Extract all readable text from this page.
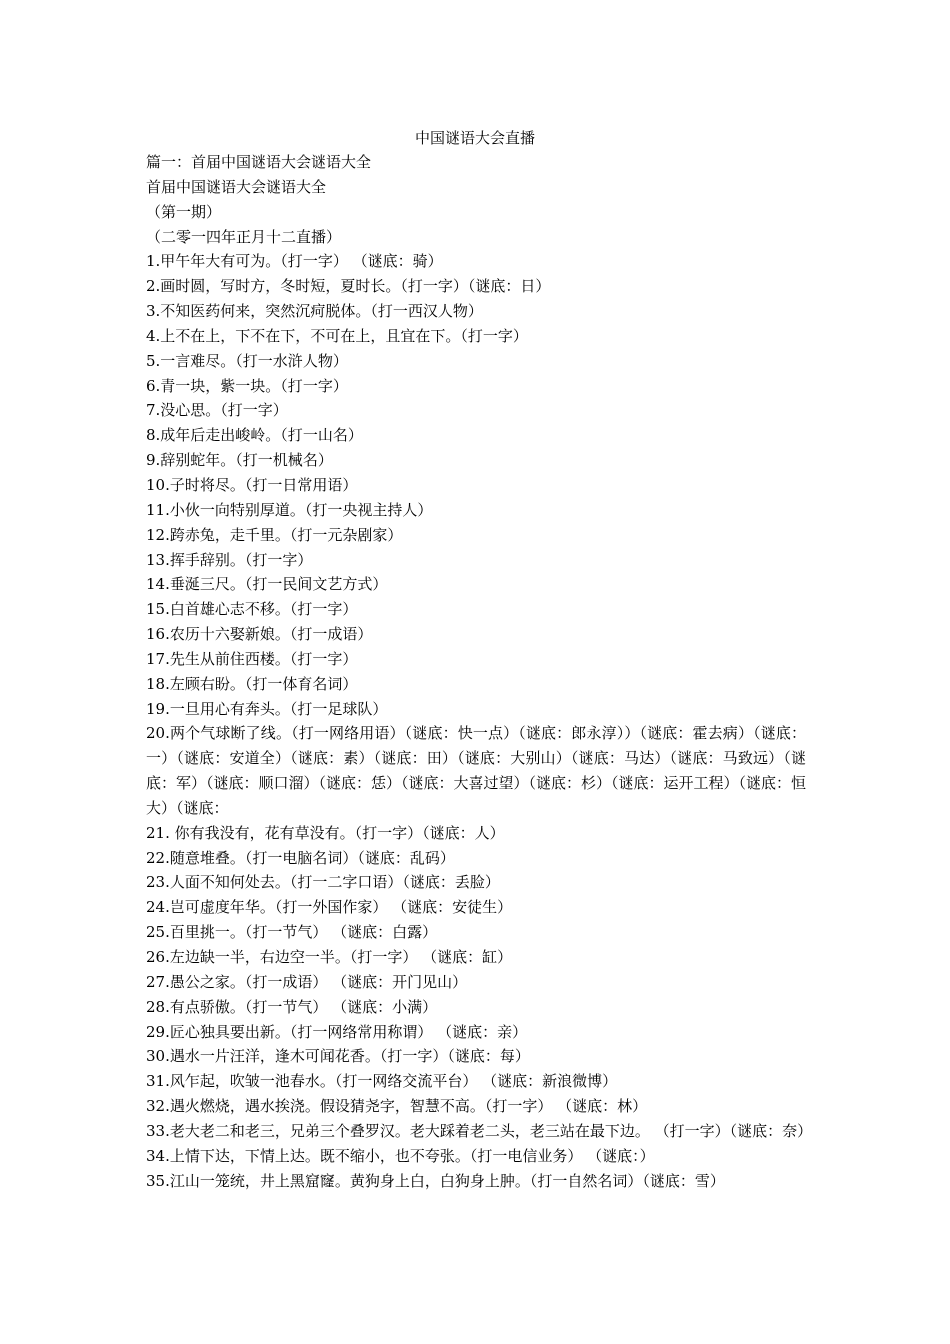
中国谜语大会直播
篇一：首届中国谜语大会谜语大全
首届中国谜语大会谜语大全
（第一期）
（二零一四年正月十二直播）
1.甲午年大有可为。（打一字） （谜底：骑）
2.画时圆，写时方，冬时短，夏时长。（打一字）（谜底：日）
3.不知医药何来，突然沉疴脱体。（打一西汉人物）
4.上不在上，下不在下，不可在上，且宜在下。（打一字）
5.一言难尽。（打一水浒人物）
6.青一块，紫一块。（打一字）
7.没心思。（打一字）
8.成年后走出峻岭。（打一山名）
9.辞别蛇年。（打一机械名）
10.子时将尽。（打一日常用语）
11.小伙一向特别厚道。（打一央视主持人）
12.跨赤兔，走千里。（打一元杂剧家）
13.挥手辞别。（打一字）
14.垂涎三尺。（打一民间文艺方式）
15.白首雄心志不移。（打一字）
16.农历十六娶新娘。（打一成语）
17.先生从前住西楼。（打一字）
18.左顾右盼。（打一体育名词）
19.一旦用心有奔头。（打一足球队）
20.两个气球断了线。（打一网络用语）（谜底：快一点）（谜底：郎永淳））（谜底：霍去病）（谜底：一）（谜底：安道全）（谜底：素）（谜底：田）（谜底：大别山）（谜底：马达）（谜底：马致远）（谜底：军）（谜底：顺口溜）（谜底：恁）（谜底：大喜过望）（谜底：杉）（谜底：运开工程）（谜底：恒大）（谜底：
21. 你有我没有，花有草没有。（打一字）（谜底：人）
22.随意堆叠。（打一电脑名词）（谜底：乱码）
23.人面不知何处去。（打一二字口语）（谜底：丢脸）
24.岂可虚度年华。（打一外国作家） （谜底：安徒生）
25.百里挑一。（打一节气） （谜底：白露）
26.左边缺一半，右边空一半。（打一字） （谜底：缸）
27.愚公之家。（打一成语） （谜底：开门见山）
28.有点骄傲。（打一节气） （谜底：小满）
29.匠心独具要出新。（打一网络常用称谓） （谜底：亲）
30.遇水一片汪洋，逢木可闻花香。（打一字）（谜底：每）
31.风乍起，吹皱一池春水。（打一网络交流平台） （谜底：新浪微博）
32.遇火燃烧，遇水挨浇。假设猜尧字，智慧不高。（打一字） （谜底：林）
33.老大老二和老三，兄弟三个叠罗汉。老大踩着老二头，老三站在最下边。 （打一字）（谜底：奈）
34.上情下达，下情上达。既不缩小，也不夸张。（打一电信业务） （谜底：）
35.江山一笼统，井上黑窟窿。黄狗身上白，白狗身上肿。（打一自然名词）（谜底：雪）
